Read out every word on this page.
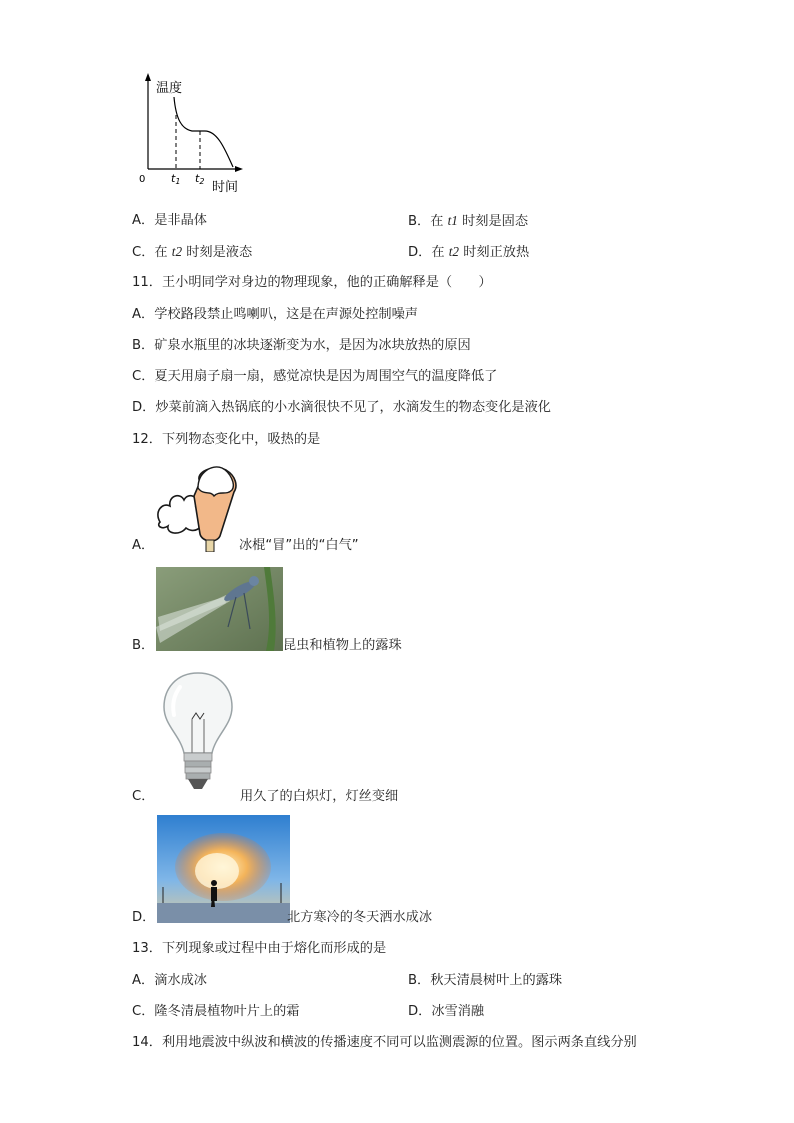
温度
时间
0 t1 t2
A．是非晶体	B．在 t1 时刻是固态
C．在 t2 时刻是液态	D．在 t2 时刻正放热
11．王小明同学对身边的物理现象，他的正确解释是（　　）
A．学校路段禁止鸣喇叭，这是在声源处控制噪声
B．矿泉水瓶里的冰块逐渐变为水，是因为冰块放热的原因
C．夏天用扇子扇一扇，感觉凉快是因为周围空气的温度降低了
D．炒菜前滴入热锅底的小水滴很快不见了，水滴发生的物态变化是液化
12．下列物态变化中，吸热的是
A．	冰棍“冒”出的“白气”
B．	昆虫和植物上的露珠
C．	用久了的白炽灯，灯丝变细
D．	北方寒冷的冬天洒水成冰
13．下列现象或过程中由于熔化而形成的是
A．滴水成冰	B．秋天清晨树叶上的露珠
C．隆冬清晨植物叶片上的霜	D．冰雪消融
14．利用地震波中纵波和横波的传播速度不同可以监测震源的位置。图示两条直线分别
